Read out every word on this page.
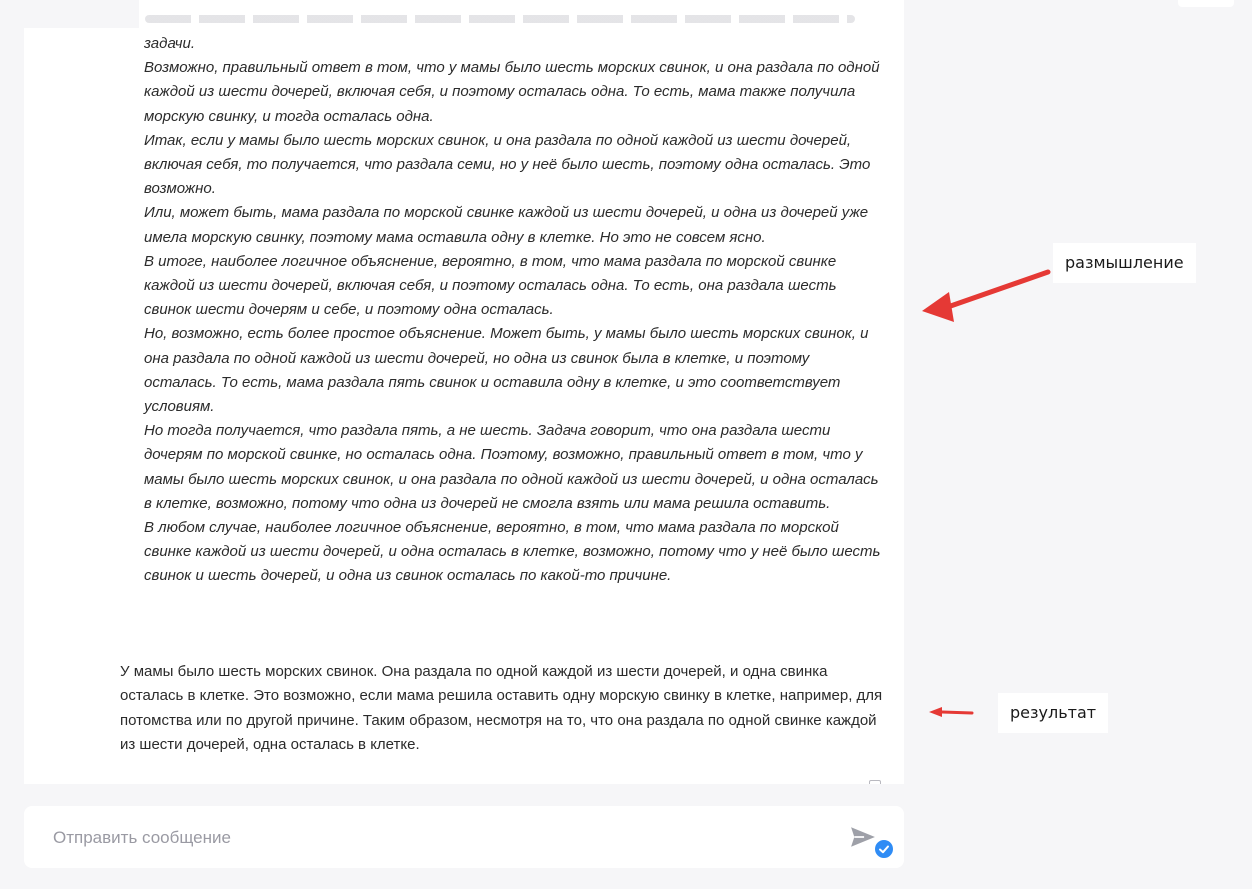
задачи.

Возможно, правильный ответ в том, что у мамы было шесть морских свинок, и она раздала по одной каждой из шести дочерей, включая себя, и поэтому осталась одна. То есть, мама также получила морскую свинку, и тогда осталась одна.

Итак, если у мамы было шесть морских свинок, и она раздала по одной каждой из шести дочерей, включая себя, то получается, что раздала семи, но у неё было шесть, поэтому одна осталась. Это возможно.

Или, может быть, мама раздала по морской свинке каждой из шести дочерей, и одна из дочерей уже имела морскую свинку, поэтому мама оставила одну в клетке. Но это не совсем ясно.

В итоге, наиболее логичное объяснение, вероятно, в том, что мама раздала по морской свинке каждой из шести дочерей, включая себя, и поэтому осталась одна. То есть, она раздала шесть свинок шести дочерям и себе, и поэтому одна осталась.

Но, возможно, есть более простое объяснение. Может быть, у мамы было шесть морских свинок, и она раздала по одной каждой из шести дочерей, но одна из свинок была в клетке, и поэтому осталась. То есть, мама раздала пять свинок и оставила одну в клетке, и это соответствует условиям.

Но тогда получается, что раздала пять, а не шесть. Задача говорит, что она раздала шести дочерям по морской свинке, но осталась одна. Поэтому, возможно, правильный ответ в том, что у мамы было шесть морских свинок, и она раздала по одной каждой из шести дочерей, и одна осталась в клетке, возможно, потому что одна из дочерей не смогла взять или мама решила оставить.

В любом случае, наиболее логичное объяснение, вероятно, в том, что мама раздала по морской свинке каждой из шести дочерей, и одна осталась в клетке, возможно, потому что у неё было шесть свинок и шесть дочерей, и одна из свинок осталась по какой-то причине.

У мамы было шесть морских свинок. Она раздала по одной каждой из шести дочерей, и одна свинка осталась в клетке. Это возможно, если мама решила оставить одну морскую свинку в клетке, например, для потомства или по другой причине. Таким образом, несмотря на то, что она раздала по одной свинке каждой из шести дочерей, одна осталась в клетке.

Отправить сообщение
размышление
результат
